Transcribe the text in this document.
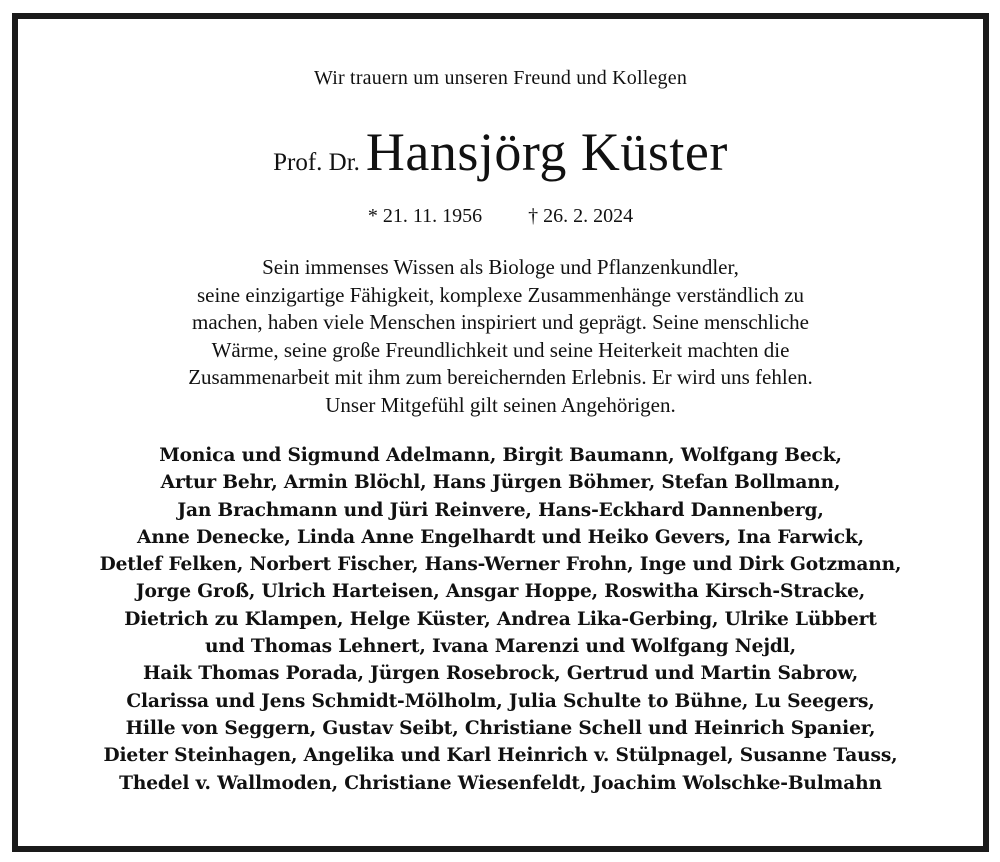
Wir trauern um unseren Freund und Kollegen
Prof. Dr. Hansjörg Küster
* 21. 11. 1956 † 26. 2. 2024
Sein immenses Wissen als Biologe und Pflanzenkundler,
seine einzigartige Fähigkeit, komplexe Zusammenhänge verständlich zu
machen, haben viele Menschen inspiriert und geprägt. Seine menschliche
Wärme, seine große Freundlichkeit und seine Heiterkeit machten die
Zusammenarbeit mit ihm zum bereichernden Erlebnis. Er wird uns fehlen.
Unser Mitgefühl gilt seinen Angehörigen.
Monica und Sigmund Adelmann, Birgit Baumann, Wolfgang Beck,
Artur Behr, Armin Blöchl, Hans Jürgen Böhmer, Stefan Bollmann,
Jan Brachmann und Jüri Reinvere, Hans-Eckhard Dannenberg,
Anne Denecke, Linda Anne Engelhardt und Heiko Gevers, Ina Farwick,
Detlef Felken, Norbert Fischer, Hans-Werner Frohn, Inge und Dirk Gotzmann,
Jorge Groß, Ulrich Harteisen, Ansgar Hoppe, Roswitha Kirsch-Stracke,
Dietrich zu Klampen, Helge Küster, Andrea Lika-Gerbing, Ulrike Lübbert
und Thomas Lehnert, Ivana Marenzi und Wolfgang Nejdl,
Haik Thomas Porada, Jürgen Rosebrock, Gertrud und Martin Sabrow,
Clarissa und Jens Schmidt-Mölholm, Julia Schulte to Bühne, Lu Seegers,
Hille von Seggern, Gustav Seibt, Christiane Schell und Heinrich Spanier,
Dieter Steinhagen, Angelika und Karl Heinrich v. Stülpnagel, Susanne Tauss,
Thedel v. Wallmoden, Christiane Wiesenfeldt, Joachim Wolschke-Bulmahn
